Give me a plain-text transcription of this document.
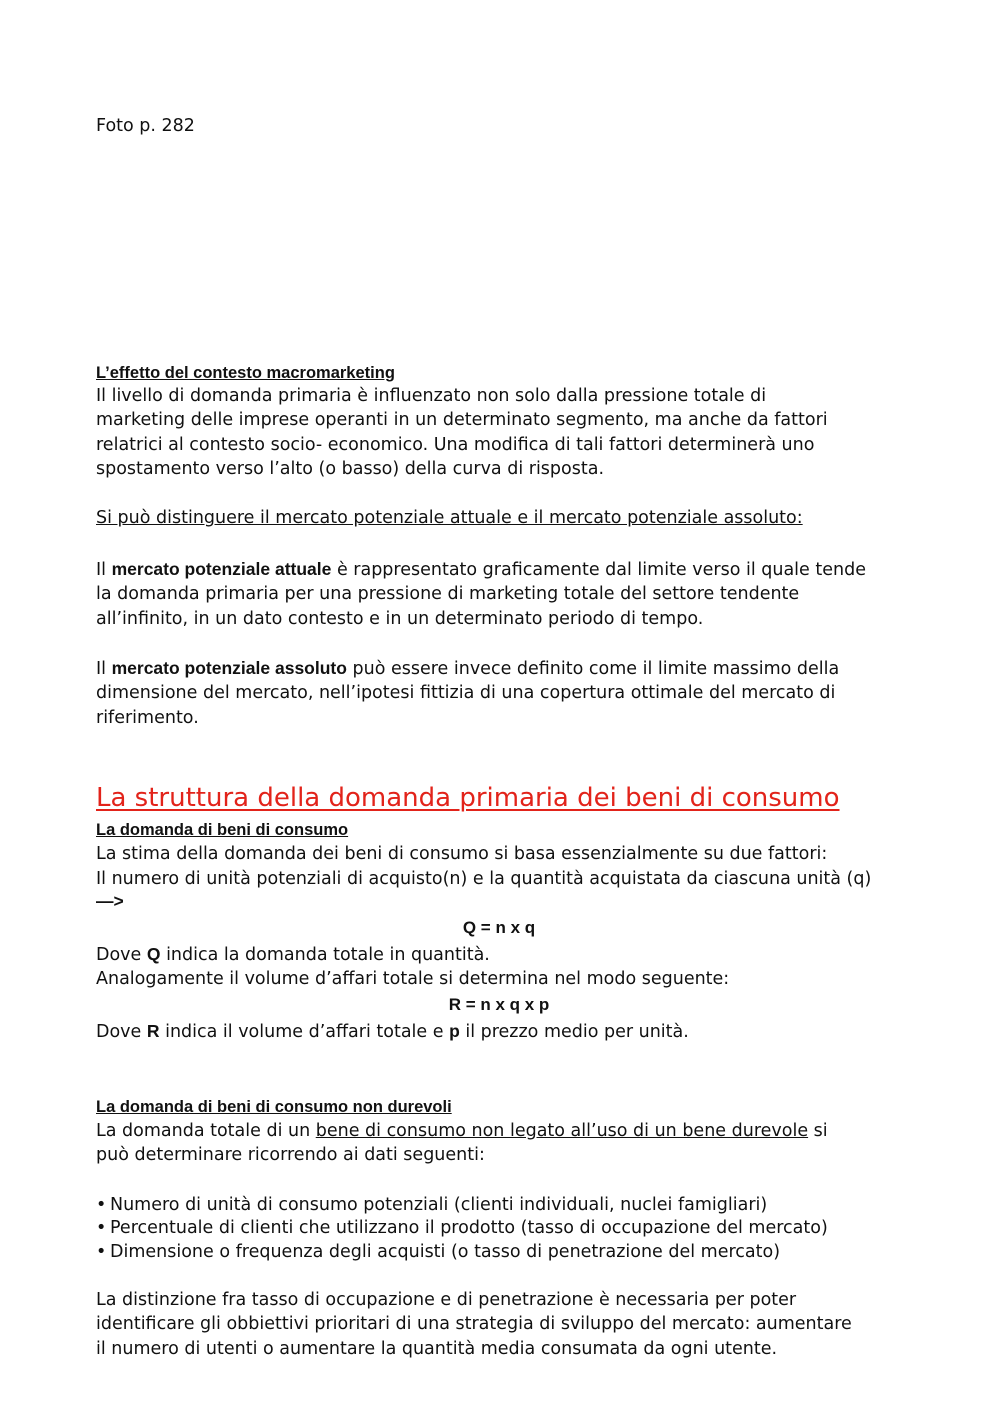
Foto p. 282
L’effetto del contesto macromarketing
Il livello di domanda primaria è influenzato non solo dalla pressione totale di
marketing delle imprese operanti in un determinato segmento, ma anche da fattori
relatrici al contesto socio- economico. Una modifica di tali fattori determinerà uno
spostamento verso l’alto (o basso) della curva di risposta.
Si può distinguere il mercato potenziale attuale e il mercato potenziale assoluto:
Il mercato potenziale attuale è rappresentato graficamente dal limite verso il quale tende
la domanda primaria per una pressione di marketing totale del settore tendente
all’infinito, in un dato contesto e in un determinato periodo di tempo.
Il mercato potenziale assoluto può essere invece definito come il limite massimo della
dimensione del mercato, nell’ipotesi fittizia di una copertura ottimale del mercato di
riferimento.
La struttura della domanda primaria dei beni di consumo
La domanda di beni di consumo
La stima della domanda dei beni di consumo si basa essenzialmente su due fattori:
Il numero di unità potenziali di acquisto(n) e la quantità acquistata da ciascuna unità (q)
—>
Q = n x q
Dove Q indica la domanda totale in quantità.
Analogamente il volume d’affari totale si determina nel modo seguente:
R = n x q x p
Dove R indica il volume d’affari totale e p il prezzo medio per unità.
La domanda di beni di consumo non durevoli
La domanda totale di un bene di consumo non legato all’uso di un bene durevole si
può determinare ricorrendo ai dati seguenti:
• Numero di unità di consumo potenziali (clienti individuali, nuclei famigliari)
• Percentuale di clienti che utilizzano il prodotto (tasso di occupazione del mercato)
• Dimensione o frequenza degli acquisti (o tasso di penetrazione del mercato)
La distinzione fra tasso di occupazione e di penetrazione è necessaria per poter
identificare gli obbiettivi prioritari di una strategia di sviluppo del mercato: aumentare
il numero di utenti o aumentare la quantità media consumata da ogni utente.
